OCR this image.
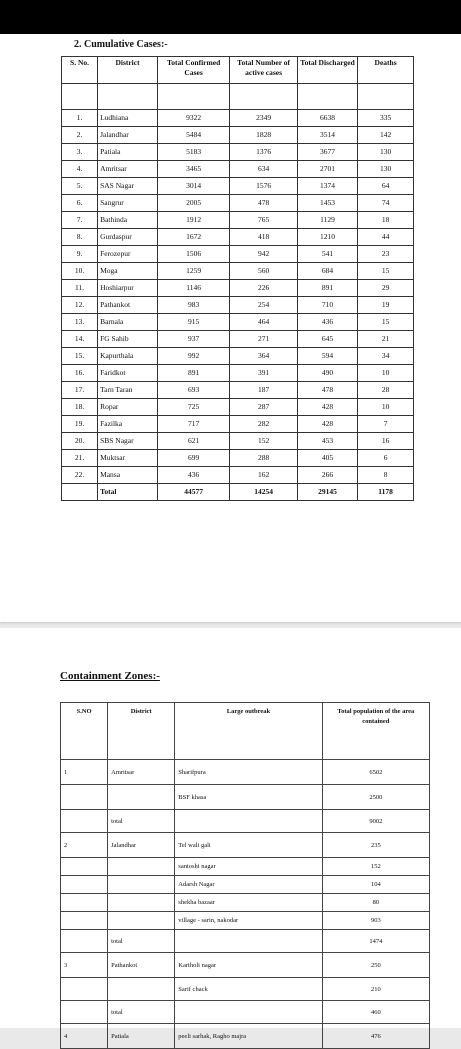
2. Cumulative Cases:-
S. No.	District	Total Confirmed Cases	Total Number of active cases	Total Discharged	Deaths

1.	Ludhiana	9322	2349	6638	335
2.	Jalandhar	5484	1828	3514	142
3.	Patiala	5183	1376	3677	130
4.	Amritsar	3465	634	2701	130
5.	SAS Nagar	3014	1576	1374	64
6.	Sangrur	2005	478	1453	74
7.	Bathinda	1912	765	1129	18
8.	Gurdaspur	1672	418	1210	44
9.	Ferozepur	1506	942	541	23
10.	Moga	1259	560	684	15
11.	Hoshiarpur	1146	226	891	29
12.	Pathankot	983	254	710	19
13.	Barnala	915	464	436	15
14.	FG Sahib	937	271	645	21
15.	Kapurthala	992	364	594	34
16.	Faridkot	891	391	490	10
17.	Tarn Taran	693	187	478	28
18.	Ropar	725	287	428	10
19.	Fazilka	717	282	428	7
20.	SBS Nagar	621	152	453	16
21.	Muktsar	699	288	405	6
22.	Mansa	436	162	266	8
	Total	44577	14254	29145	1178
Containment Zones:-
S.NO	District	Large outbreak	Total population of the area contained
1	Amritsar	Sharifpura	6502
		BSF khasa	2500
	total		9002
2	Jalandhar	Tel wali gali	235
		santoshi nagar	152
		Adarsh Nagar	104
		shekha bazaar	80
		village - sarin, nakodar	903
	total		1474
3	Pathankot	Kartholi nagar	250
		Sarif chack	210
	total		460
4	Patiala	peeli sarhak, Ragho majra	476
